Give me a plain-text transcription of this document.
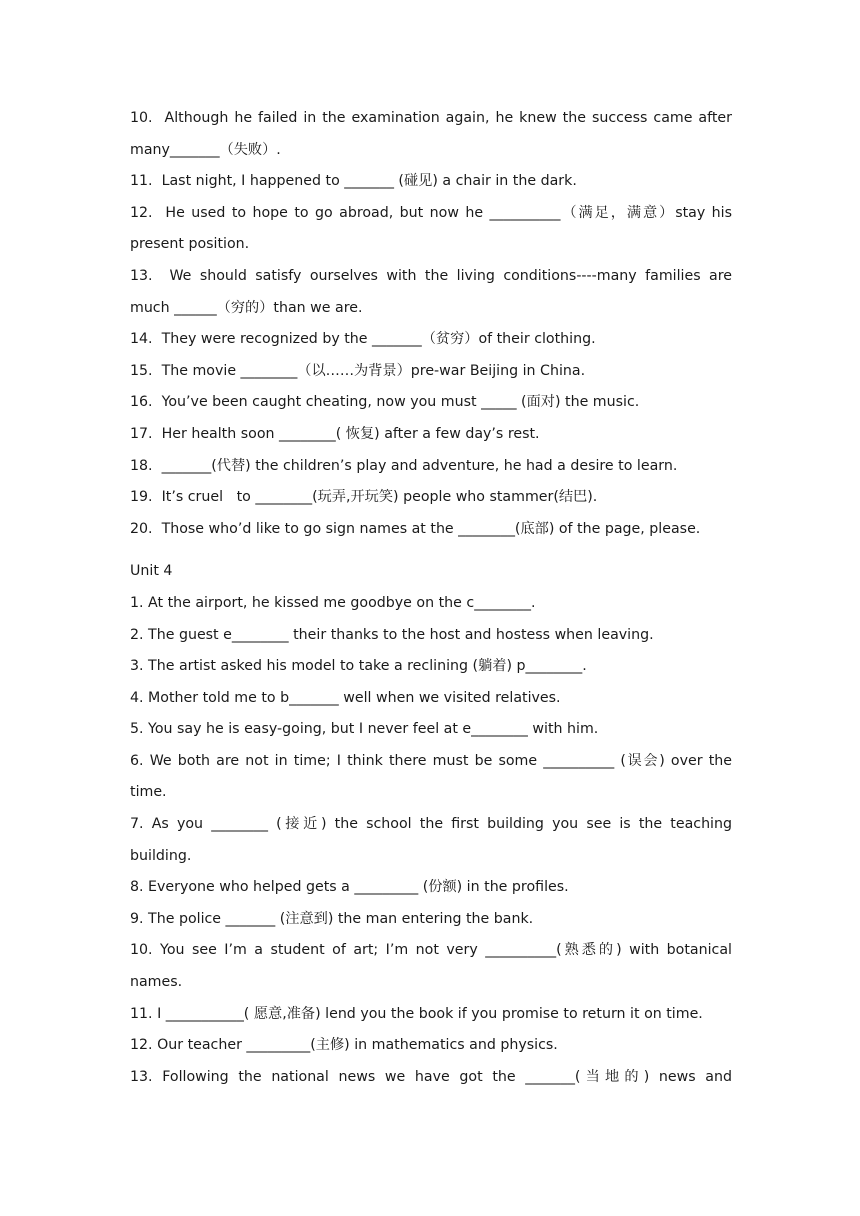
10.  Although he failed in the examination again, he knew the success came after
many_______（失败）.
11.  Last night, I happened to _______ (碰见) a chair in the dark.
12.  He used to hope to go abroad, but now he __________（满足，满意）stay his
present position.
13.  We should satisfy ourselves with the living conditions----many families are
much ______（穷的）than we are.
14.  They were recognized by the _______（贫穷）of their clothing.
15.  The movie ________（以……为背景）pre-war Beijing in China.
16.  You’ve been caught cheating, now you must _____ (面对) the music.
17.  Her health soon ________( 恢复) after a few day’s rest.
18.  _______(代替) the children’s play and adventure, he had a desire to learn.
19.  It’s cruel   to ________(玩弄,开玩笑) people who stammer(结巴).
20.  Those who’d like to go sign names at the ________(底部) of the page, please.
Unit 4
1. At the airport, he kissed me goodbye on the c________.
2. The guest e________ their thanks to the host and hostess when leaving.
3. The artist asked his model to take a reclining (躺着) p________.
4. Mother told me to b_______ well when we visited relatives.
5. You say he is easy-going, but I never feel at e________ with him.
6. We both are not in time; I think there must be some __________ (误会) over the
time.
7. As you ________ (接近) the school the first building you see is the teaching
building.
8. Everyone who helped gets a _________ (份额) in the profiles.
9. The police _______ (注意到) the man entering the bank.
10. You see I’m a student of art; I’m not very __________(熟悉的) with botanical
names.
11. I ___________( 愿意,准备) lend you the book if you promise to return it on time.
12. Our teacher _________(主修) in mathematics and physics.
13. Following the national news we have got the _______(当地的) news and
